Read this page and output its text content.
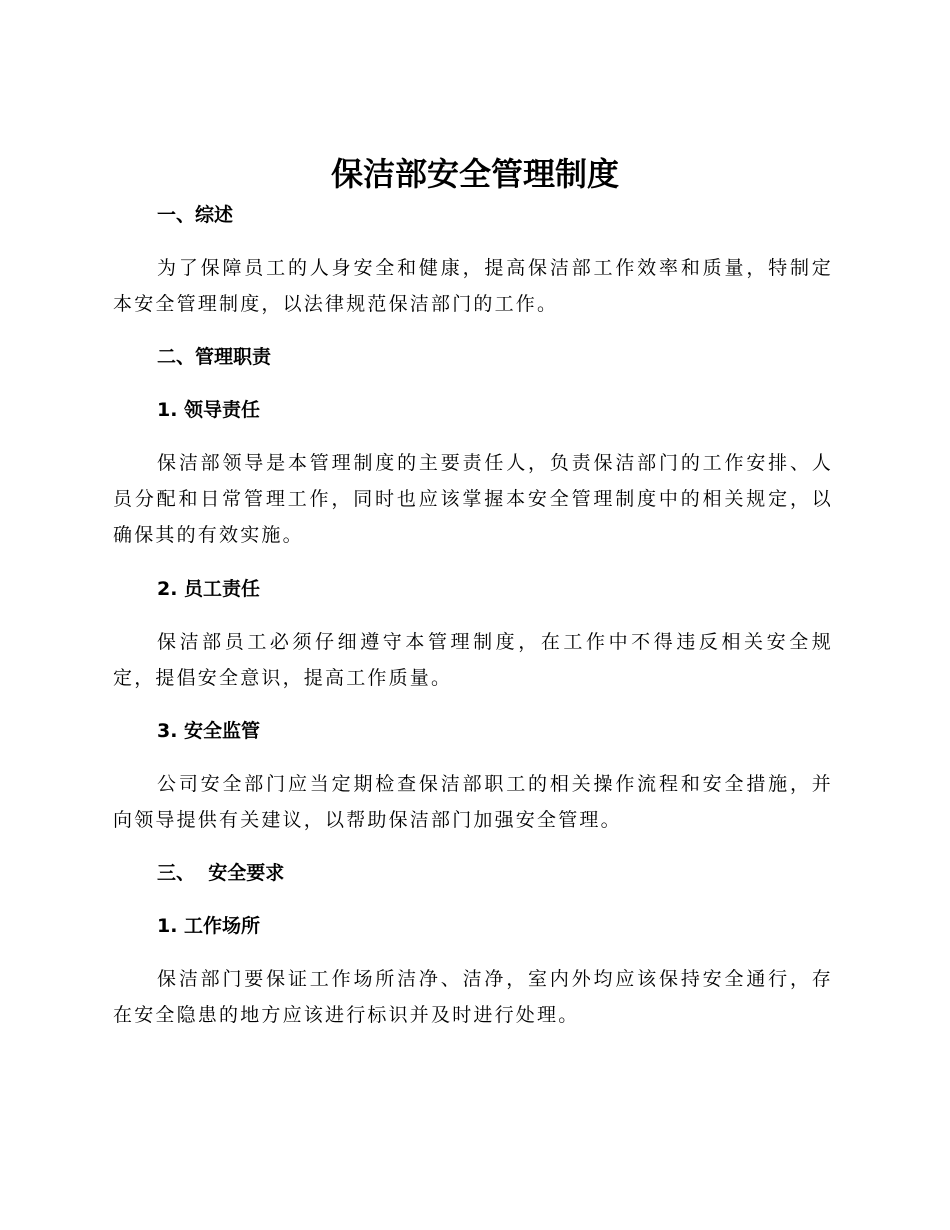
保洁部安全管理制度
一、综述

为了保障员工的人身安全和健康，提高保洁部工作效率和质量，特制定本安全管理制度，以法律规范保洁部门的工作。

二、管理职责
1. 领导责任

保洁部领导是本管理制度的主要责任人，负责保洁部门的工作安排、人员分配和日常管理工作，同时也应该掌握本安全管理制度中的相关规定，以确保其的有效实施。

2. 员工责任

保洁部员工必须仔细遵守本管理制度，在工作中不得违反相关安全规定，提倡安全意识，提高工作质量。

3. 安全监管

公司安全部门应当定期检查保洁部职工的相关操作流程和安全措施，并向领导提供有关建议，以帮助保洁部门加强安全管理。

三、  安全要求
1. 工作场所

保洁部门要保证工作场所洁净、洁净，室内外均应该保持安全通行，存在安全隐患的地方应该进行标识并及时进行处理。
